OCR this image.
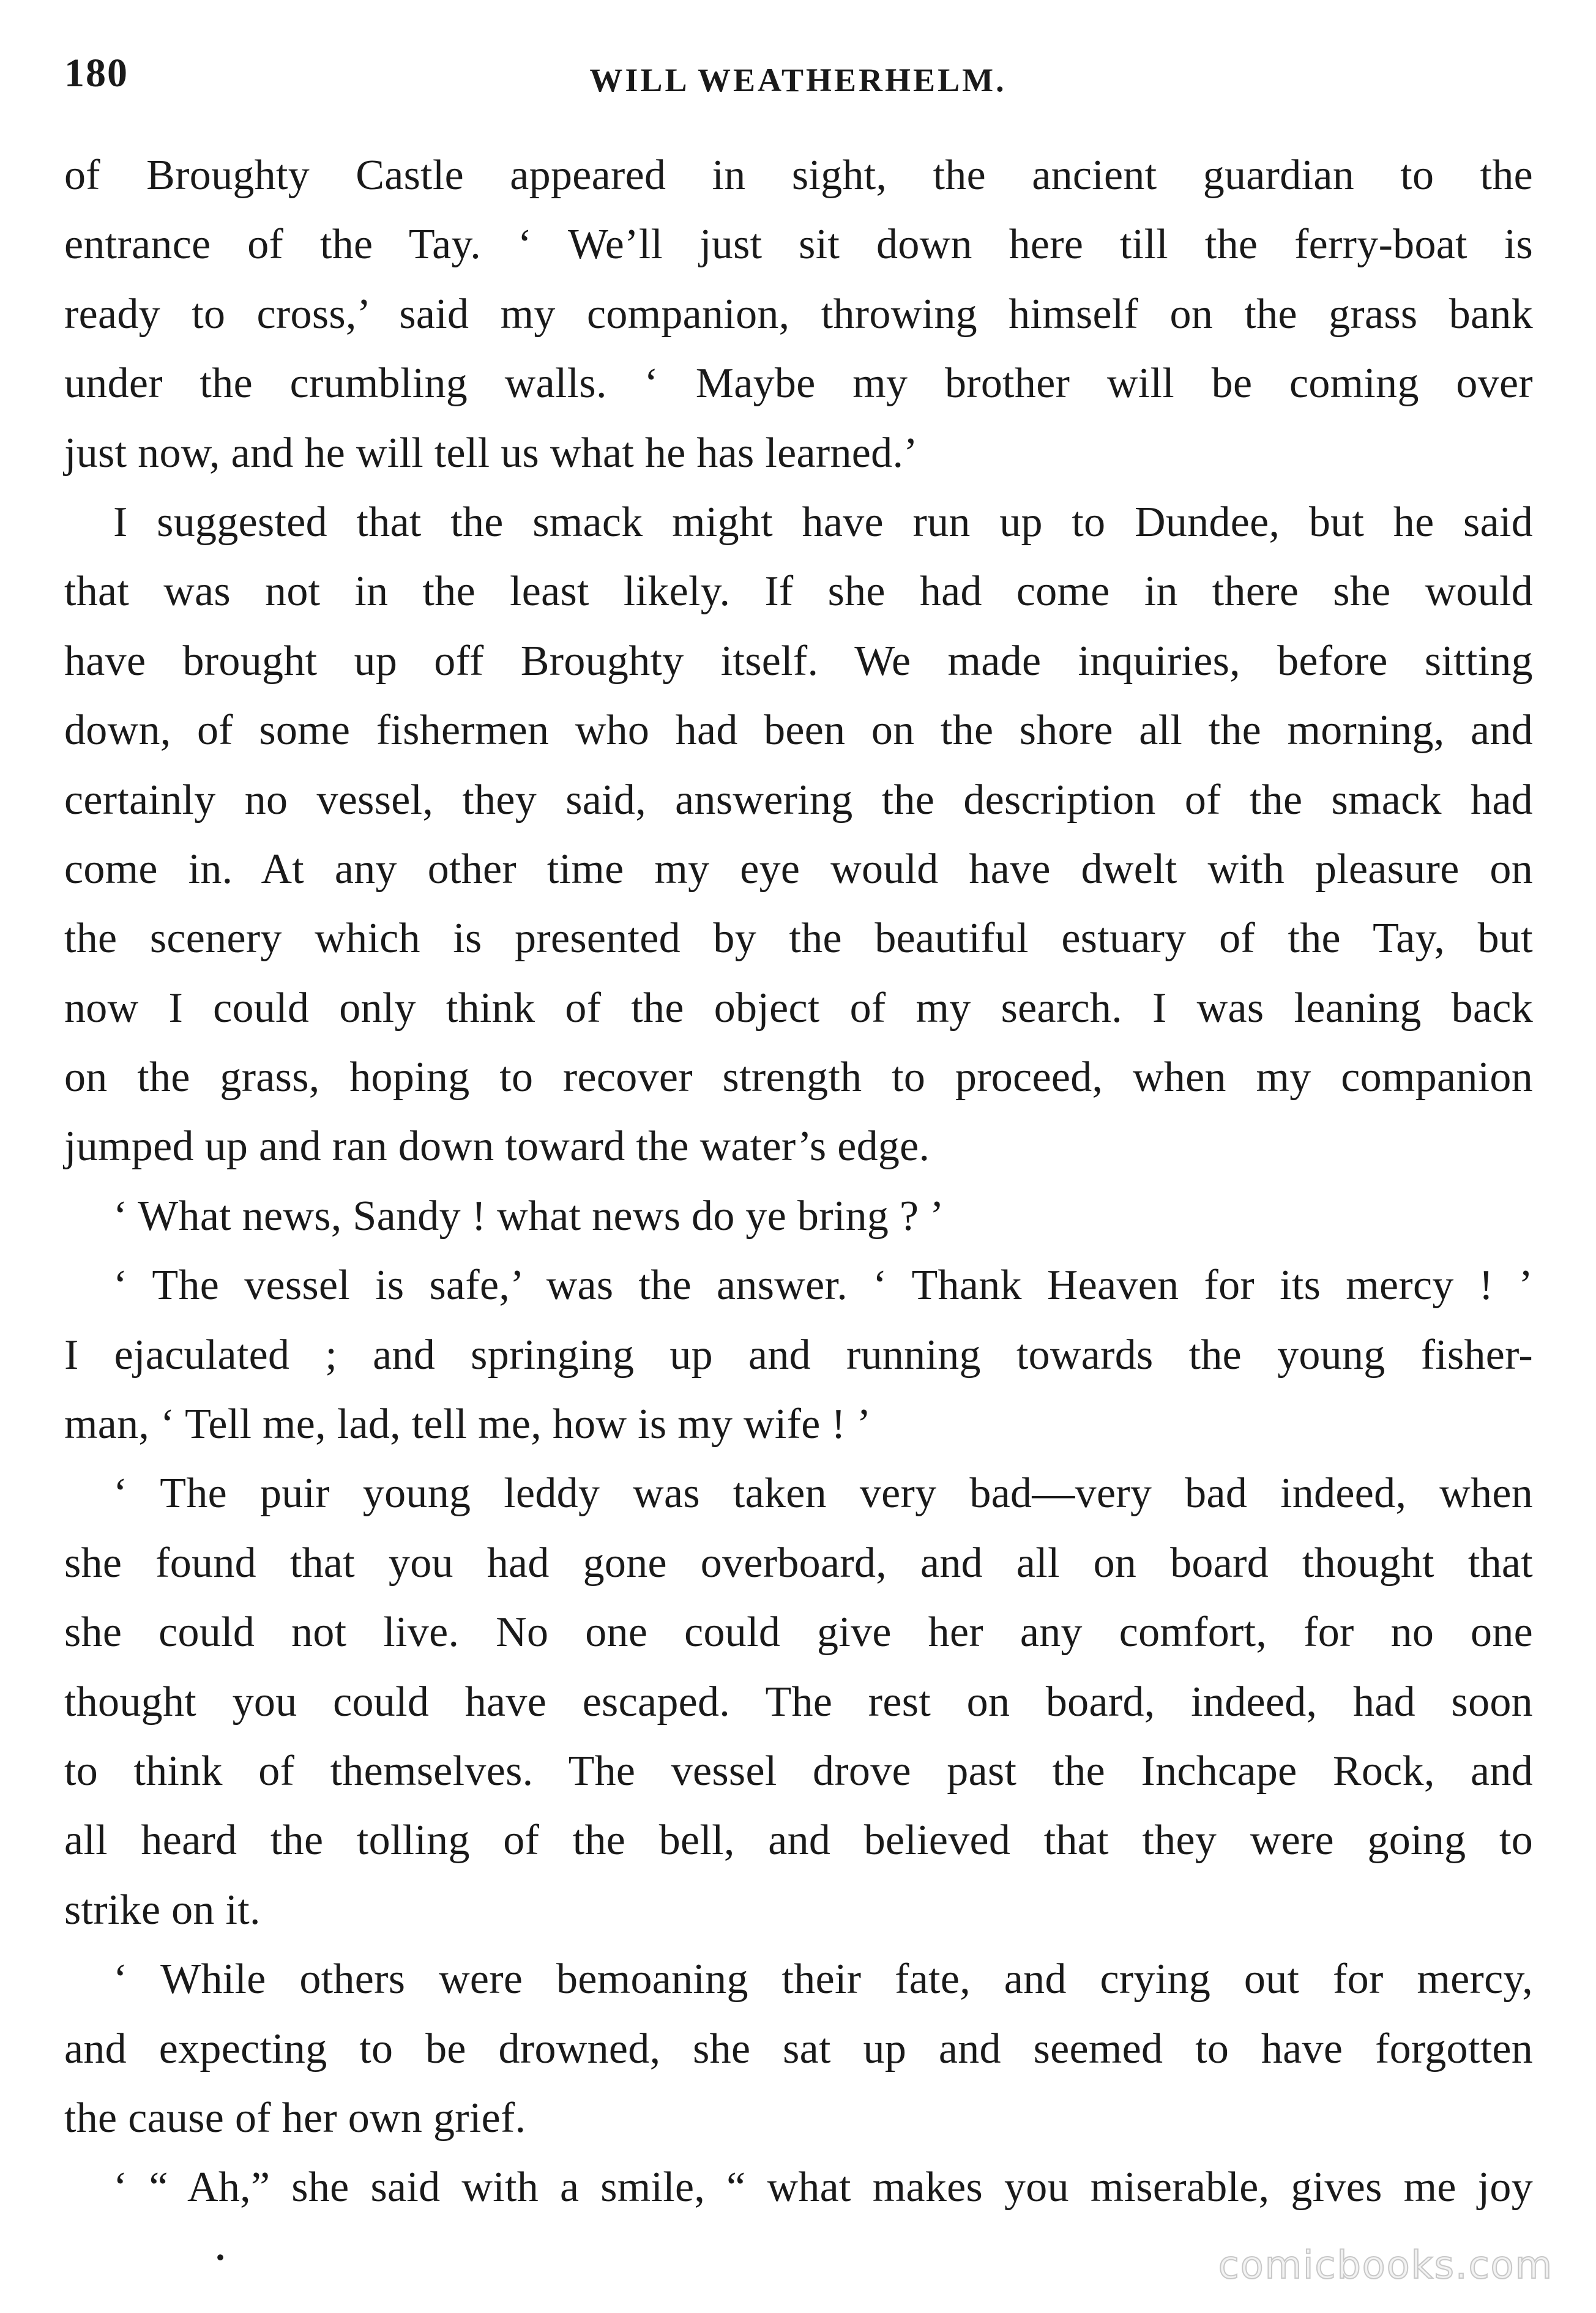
180	WILL WEATHERHELM.
of Broughty Castle appeared in sight, the ancient guardian to the
entrance of the Tay. ‘ We’ll just sit down here till the ferry-boat is
ready to cross,’ said my companion, throwing himself on the grass bank
under the crumbling walls. ‘ Maybe my brother will be coming over
just now, and he will tell us what he has learned.’
I suggested that the smack might have run up to Dundee, but he said
that was not in the least likely. If she had come in there she would
have brought up off Broughty itself. We made inquiries, before sitting
down, of some fishermen who had been on the shore all the morning, and
certainly no vessel, they said, answering the description of the smack had
come in. At any other time my eye would have dwelt with pleasure on
the scenery which is presented by the beautiful estuary of the Tay, but
now I could only think of the object of my search. I was leaning back
on the grass, hoping to recover strength to proceed, when my companion
jumped up and ran down toward the water’s edge.
‘ What news, Sandy ! what news do ye bring ? ’
‘ The vessel is safe,’ was the answer. ‘ Thank Heaven for its mercy ! ’
I ejaculated ; and springing up and running towards the young fisher-
man, ‘ Tell me, lad, tell me, how is my wife ! ’
‘ The puir young leddy was taken very bad—very bad indeed, when
she found that you had gone overboard, and all on board thought that
she could not live. No one could give her any comfort, for no one
thought you could have escaped. The rest on board, indeed, had soon
to think of themselves. The vessel drove past the Inchcape Rock, and
all heard the tolling of the bell, and believed that they were going to
strike on it.
‘ While others were bemoaning their fate, and crying out for mercy,
and expecting to be drowned, she sat up and seemed to have forgotten
the cause of her own grief.
‘ “ Ah,” she said with a smile, “ what makes you miserable, gives me joy
·	comicbooks.com
